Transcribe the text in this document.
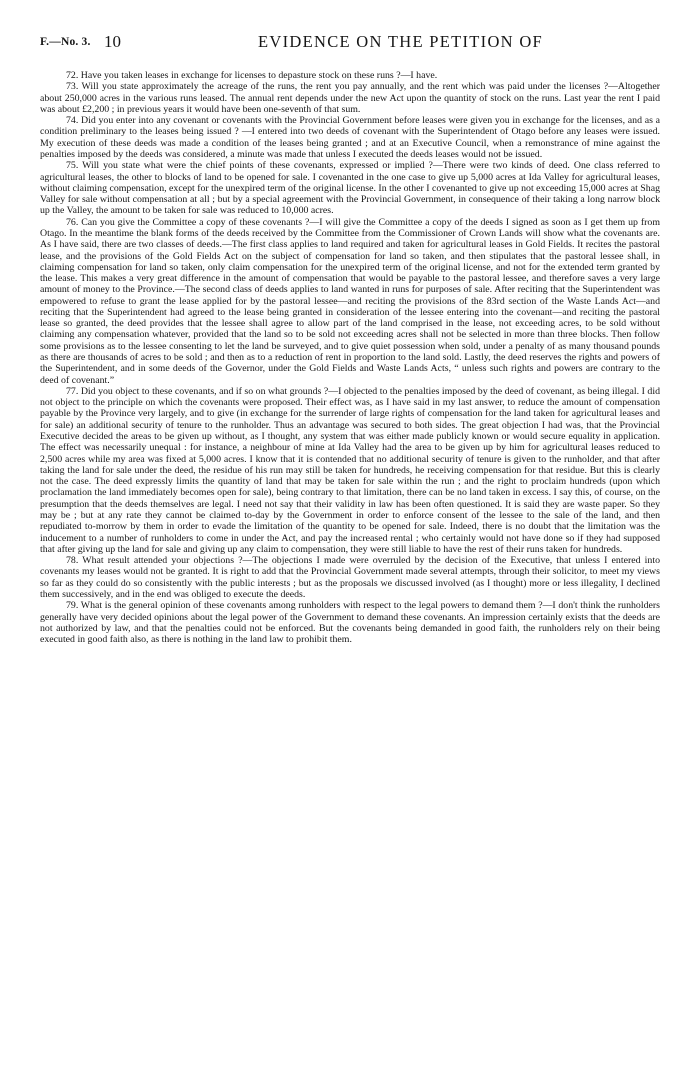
F.—No. 3. 10	EVIDENCE ON THE PETITION OF

72. Have you taken leases in exchange for licenses to depasture stock on these runs ?—I have.

73. Will you state approximately the acreage of the runs, the rent you pay annually, and the rent which was paid under the licenses ?—Altogether about 250,000 acres in the various runs leased. The annual rent depends under the new Act upon the quantity of stock on the runs. Last year the rent I paid was about £2,200 ; in previous years it would have been one-seventh of that sum.

74. Did you enter into any covenant or covenants with the Provincial Government before leases were given you in exchange for the licenses, and as a condition preliminary to the leases being issued ? —I entered into two deeds of covenant with the Superintendent of Otago before any leases were issued. My execution of these deeds was made a condition of the leases being granted ; and at an Executive Council, when a remonstrance of mine against the penalties imposed by the deeds was considered, a minute was made that unless I executed the deeds leases would not be issued.

75. Will you state what were the chief points of these covenants, expressed or implied ?—There were two kinds of deed. One class referred to agricultural leases, the other to blocks of land to be opened for sale. I covenanted in the one case to give up 5,000 acres at Ida Valley for agricultural leases, without claiming compensation, except for the unexpired term of the original license. In the other I covenanted to give up not exceeding 15,000 acres at Shag Valley for sale without compensation at all ; but by a special agreement with the Provincial Government, in consequence of their taking a long narrow block up the Valley, the amount to be taken for sale was reduced to 10,000 acres.

76. Can you give the Committee a copy of these covenants ?—I will give the Committee a copy of the deeds I signed as soon as I get them up from Otago. In the meantime the blank forms of the deeds received by the Committee from the Commissioner of Crown Lands will show what the covenants are. As I have said, there are two classes of deeds.—The first class applies to land required and taken for agricultural leases in Gold Fields. It recites the pastoral lease, and the provisions of the Gold Fields Act on the subject of compensation for land so taken, and then stipulates that the pastoral lessee shall, in claiming compensation for land so taken, only claim compensation for the unexpired term of the original license, and not for the extended term granted by the lease. This makes a very great difference in the amount of compensation that would be payable to the pastoral lessee, and therefore saves a very large amount of money to the Province.—The second class of deeds applies to land wanted in runs for purposes of sale. After reciting that the Superintendent was empowered to refuse to grant the lease applied for by the pastoral lessee—and reciting the provisions of the 83rd section of the Waste Lands Act—and reciting that the Superintendent had agreed to the lease being granted in consideration of the lessee entering into the covenant—and reciting the pastoral lease so granted, the deed provides that the lessee shall agree to allow part of the land comprised in the lease, not exceeding acres, to be sold without claiming any compensation whatever, provided that the land so to be sold not exceeding acres shall not be selected in more than three blocks. Then follow some provisions as to the lessee consenting to let the land be surveyed, and to give quiet possession when sold, under a penalty of as many thousand pounds as there are thousands of acres to be sold ; and then as to a reduction of rent in proportion to the land sold. Lastly, the deed reserves the rights and powers of the Superintendent, and in some deeds of the Governor, under the Gold Fields and Waste Lands Acts, “ unless such rights and powers are contrary to the deed of covenant.”

77. Did you object to these covenants, and if so on what grounds ?—I objected to the penalties imposed by the deed of covenant, as being illegal. I did not object to the principle on which the covenants were proposed. Their effect was, as I have said in my last answer, to reduce the amount of compensation payable by the Province very largely, and to give (in exchange for the surrender of large rights of compensation for the land taken for agricultural leases and for sale) an additional security of tenure to the runholder. Thus an advantage was secured to both sides. The great objection I had was, that the Provincial Executive decided the areas to be given up without, as I thought, any system that was either made publicly known or would secure equality in application. The effect was necessarily unequal : for instance, a neighbour of mine at Ida Valley had the area to be given up by him for agricultural leases reduced to 2,500 acres while my area was fixed at 5,000 acres. I know that it is contended that no additional security of tenure is given to the runholder, and that after taking the land for sale under the deed, the residue of his run may still be taken for hundreds, he receiving compensation for that residue. But this is clearly not the case. The deed expressly limits the quantity of land that may be taken for sale within the run ; and the right to proclaim hundreds (upon which proclamation the land immediately becomes open for sale), being contrary to that limitation, there can be no land taken in excess. I say this, of course, on the presumption that the deeds themselves are legal. I need not say that their validity in law has been often questioned. It is said they are waste paper. So they may be ; but at any rate they cannot be claimed to-day by the Government in order to enforce consent of the lessee to the sale of the land, and then repudiated to-morrow by them in order to evade the limitation of the quantity to be opened for sale. Indeed, there is no doubt that the limitation was the inducement to a number of runholders to come in under the Act, and pay the increased rental ; who certainly would not have done so if they had supposed that after giving up the land for sale and giving up any claim to compensation, they were still liable to have the rest of their runs taken for hundreds.

78. What result attended your objections ?—The objections I made were overruled by the decision of the Executive, that unless I entered into covenants my leases would not be granted. It is right to add that the Provincial Government made several attempts, through their solicitor, to meet my views so far as they could do so consistently with the public interests ; but as the proposals we discussed involved (as I thought) more or less illegality, I declined them successively, and in the end was obliged to execute the deeds.

79. What is the general opinion of these covenants among runholders with respect to the legal powers to demand them ?—I don't think the runholders generally have very decided opinions about the legal power of the Government to demand these covenants. An impression certainly exists that the deeds are not authorized by law, and that the penalties could not be enforced. But the covenants being demanded in good faith, the runholders rely on their being executed in good faith also, as there is nothing in the land law to prohibit them.
